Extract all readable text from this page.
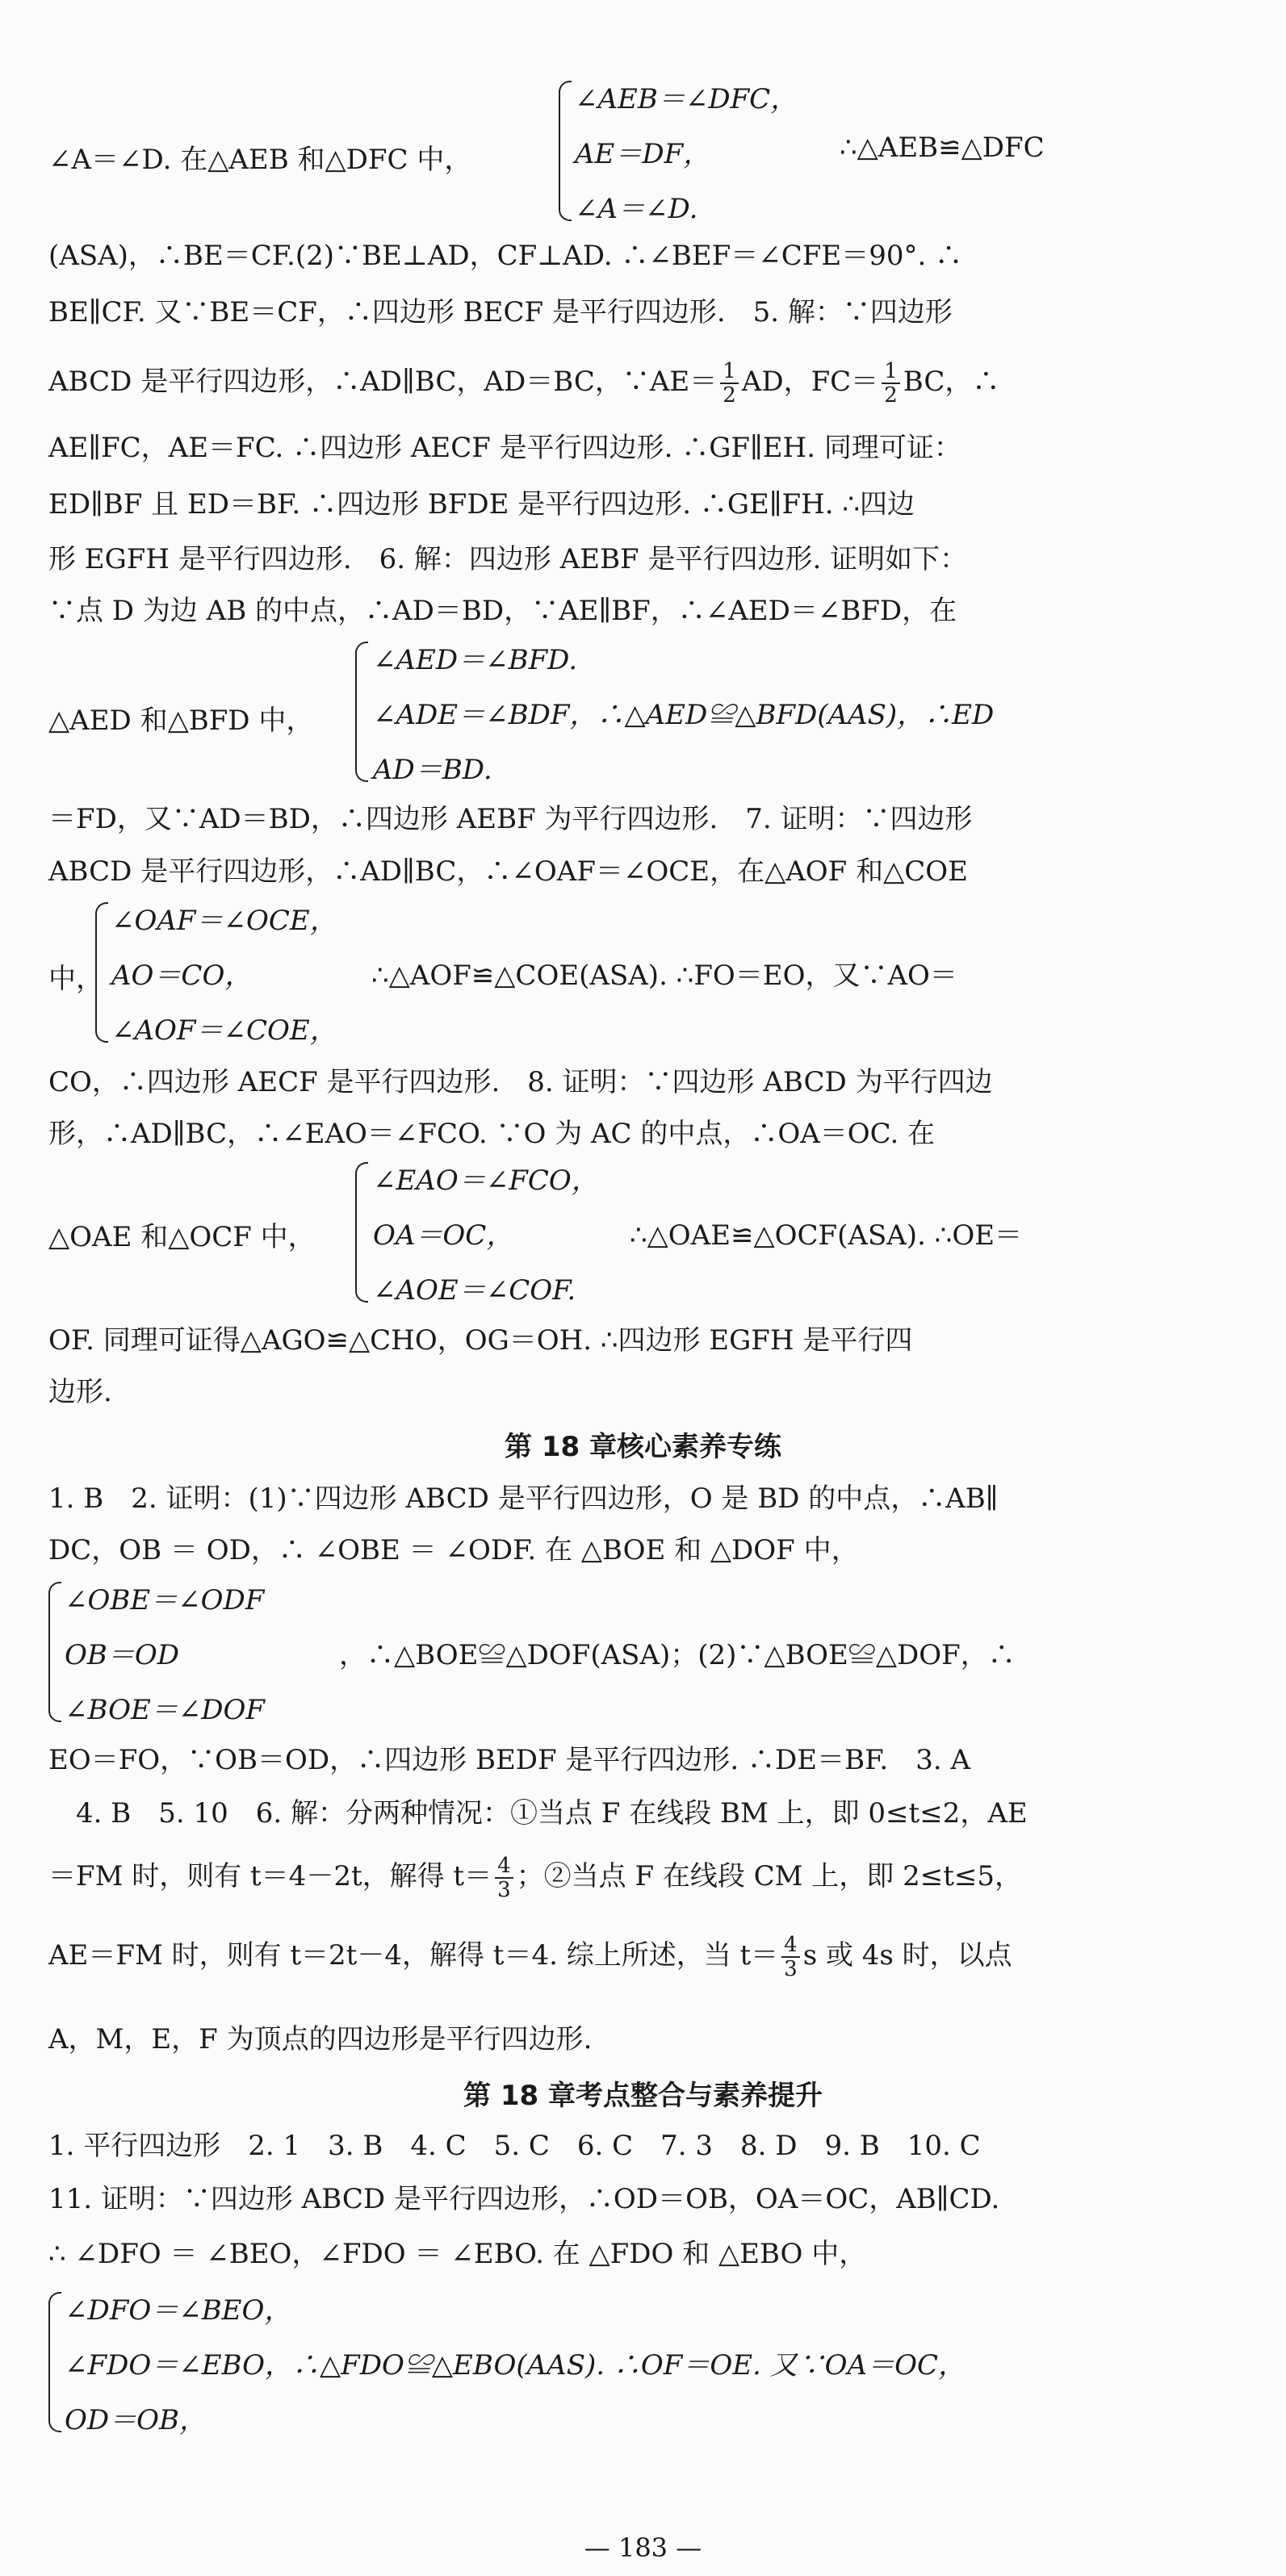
∠A＝∠D. 在△AEB 和△DFC 中，
∠AEB＝∠DFC，
AE＝DF，
∠A＝∠D.
∴△AEB≌△DFC
(ASA)，∴BE＝CF.(2)∵BE⊥AD，CF⊥AD. ∴∠BEF＝∠CFE＝90°. ∴
BE∥CF. 又∵BE＝CF，∴四边形 BECF 是平行四边形.　5. 解：∵四边形
ABCD 是平行四边形，∴AD∥BC，AD＝BC，∵AE＝ $\frac{1}{2}$ AD，$FC= \frac{1}{2}$ BC，∴
AE∥FC，AE＝FC. ∴四边形 AECF 是平行四边形. ∴GF∥EH. 同理可证：
ED∥BF 且 ED＝BF. ∴四边形 BFDE 是平行四边形. ∴GE∥FH. ∴四边
形 EGFH 是平行四边形.　6. 解：四边形 AEBF 是平行四边形. 证明如下：
∵点 D 为边 AB 的中点，∴AD＝BD，∵AE∥BF，∴∠AED＝∠BFD，在
△AED 和△BFD 中，
∠AED＝∠BFD.
∠ADE＝∠BDF，∴△AED≌△BFD(AAS)，∴ED
AD＝BD.
＝FD，又∵AD＝BD，∴四边形 AEBF 为平行四边形.　7. 证明：∵四边形
ABCD 是平行四边形，∴AD∥BC，∴∠OAF＝∠OCE，在△AOF 和△COE
中，
∠OAF＝∠OCE，
AO＝CO，
∠AOF＝∠COE，
∴△AOF≌△COE(ASA). ∴FO＝EO，又∵AO＝
CO，∴四边形 AECF 是平行四边形.　8. 证明：∵四边形 ABCD 为平行四边
形，∴AD∥BC，∴∠EAO＝∠FCO. ∵O 为 AC 的中点，∴OA＝OC. 在
△OAE 和△OCF 中，
∠EAO＝∠FCO，
OA＝OC，
∠AOE＝∠COF.
∴△OAE≌△OCF(ASA). ∴OE＝
OF. 同理可证得△AGO≌△CHO，OG＝OH. ∴四边形 EGFH 是平行四
边形.
第 18 章核心素养专练
1. B　2. 证明：(1)∵四边形 ABCD 是平行四边形，O 是 BD 的中点，∴AB∥
DC，OB ＝ OD，∴ ∠OBE ＝ ∠ODF. 在 △BOE 和 △DOF 中，
∠OBE＝∠ODF
OB＝OD
∠BOE＝∠DOF
，∴△BOE≌△DOF(ASA)；(2)∵△BOE≌△DOF，∴
EO＝FO，∵OB＝OD，∴四边形 BEDF 是平行四边形. ∴DE＝BF.　3. A
　4. B　5. 10　6. 解：分两种情况：①当点 F 在线段 BM 上，即 0≤t≤2，AE
＝FM 时，则有 t＝4－2t，解得 $t= \frac{4}{3}$ ；②当点 F 在线段 CM 上，即 2≤t≤5，
AE＝FM 时，则有 t＝2t－4，解得 t＝4. 综上所述，当 $t= \frac{4}{3}$ s 或 4s 时，以点
A，M，E，F 为顶点的四边形是平行四边形.
第 18 章考点整合与素养提升
1. 平行四边形　2. 1　3. B　4. C　5. C　6. C　7. 3　8. D　9. B　10. C
11. 证明：∵四边形 ABCD 是平行四边形，∴OD＝OB，OA＝OC，AB∥CD.
∴ ∠DFO ＝ ∠BEO，∠FDO ＝ ∠EBO. 在 △FDO 和 △EBO 中，
∠DFO＝∠BEO，
∠FDO＝∠EBO，∴△FDO≌△EBO(AAS). ∴OF＝OE. 又∵OA＝OC，
OD＝OB，
— 183 —
